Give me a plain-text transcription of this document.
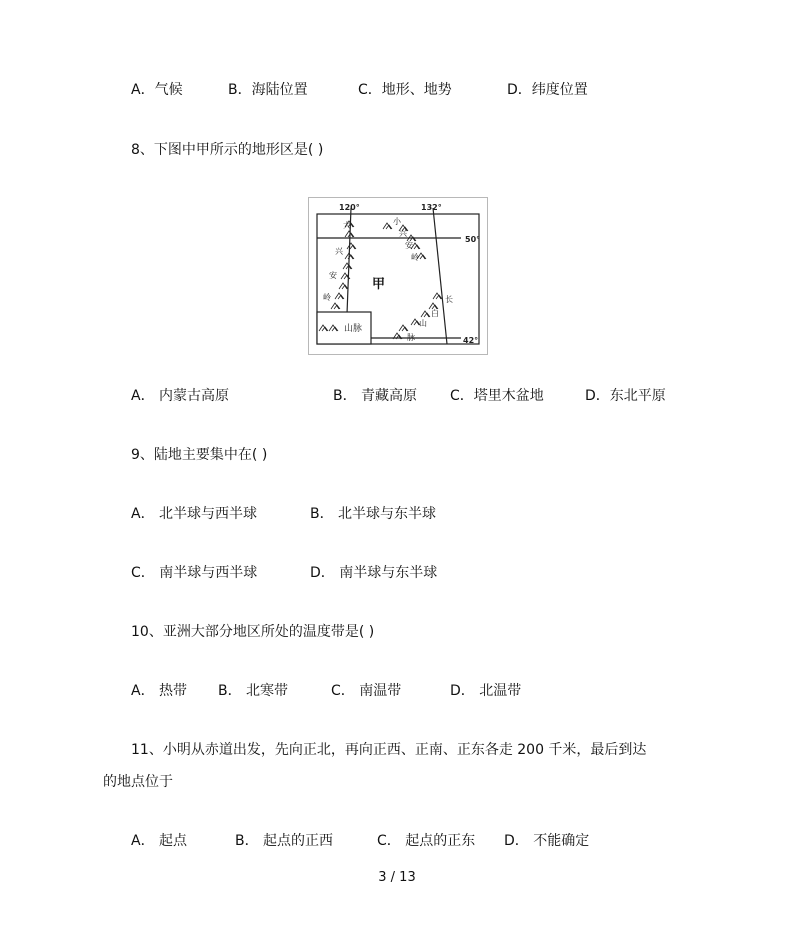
A．气候	B．海陆位置	C．地形、地势	D．纬度位置
8、下图中甲所示的地形区是( )
120°	132°
50°
42°
甲
大
兴
安
岭
小
兴
安
岭
长
白
山
脉
山脉
A． 内蒙古高原	B． 青藏高原 C．塔里木盆地	D．东北平原
9、陆地主要集中在( )
A． 北半球与西半球	B． 北半球与东半球
C． 南半球与西半球	D． 南半球与东半球
10、亚洲大部分地区所处的温度带是( )
A． 热带 B． 北寒带	C． 南温带	D． 北温带
11、小明从赤道出发，先向正北，再向正西、正南、正东各走 200 千米，最后到达
的地点位于
A． 起点	B． 起点的正西	C． 起点的正东 D． 不能确定
3 / 13
